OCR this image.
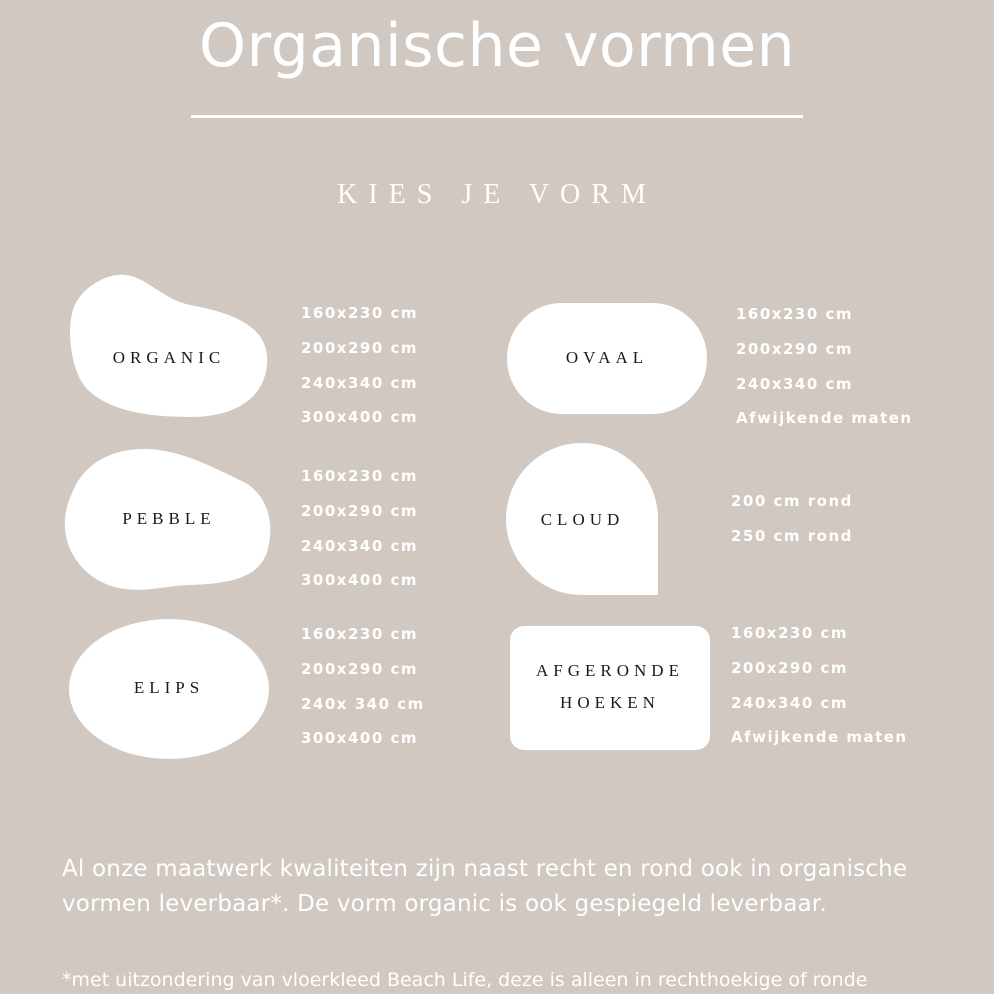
Organische vormen
KIES JE VORM
ORGANIC
160x230 cm
200x290 cm
240x340 cm
300x400 cm
OVAAL
160x230 cm
200x290 cm
240x340 cm
Afwijkende maten
PEBBLE
160x230 cm
200x290 cm
240x340 cm
300x400 cm
CLOUD
200 cm rond
250 cm rond
ELIPS
160x230 cm
200x290 cm
240x 340 cm
300x400 cm
AFGERONDE
HOEKEN
160x230 cm
200x290 cm
240x340 cm
Afwijkende maten

Al onze maatwerk kwaliteiten zijn naast recht en rond ook in organische vormen leverbaar*. De vorm organic is ook gespiegeld leverbaar.

*met uitzondering van vloerkleed Beach Life, deze is alleen in rechthoekige of ronde
